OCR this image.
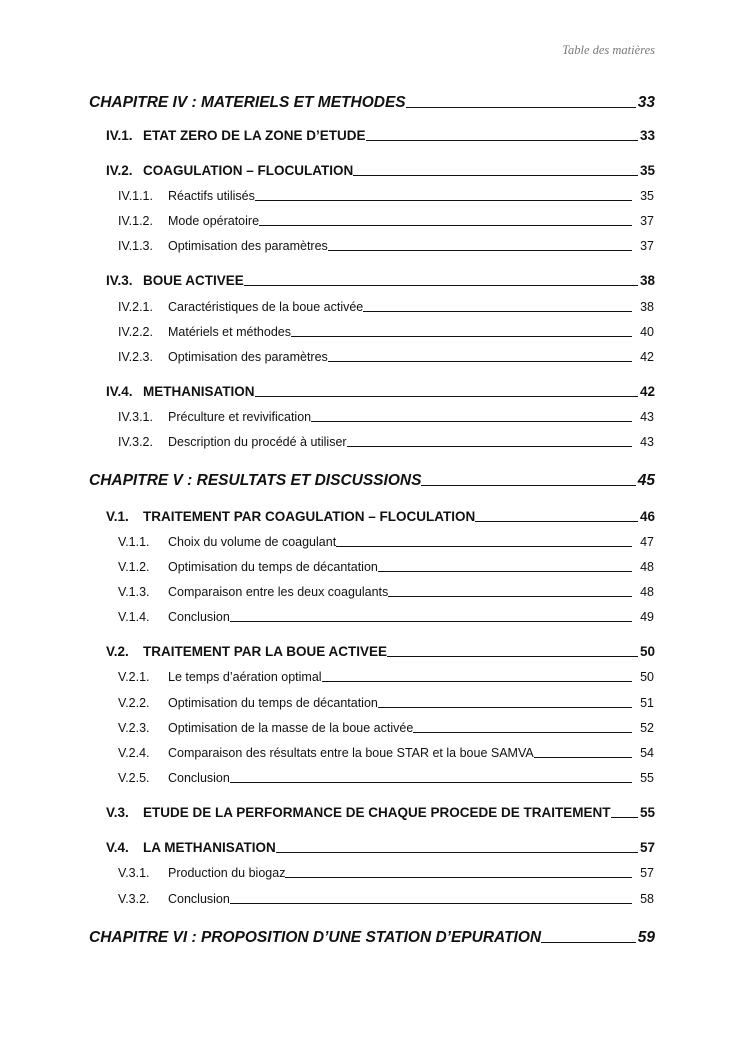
Table des matières
CHAPITRE IV : MATERIELS ET METHODES	33
IV.1. ETAT ZERO DE LA ZONE D’ETUDE	33
IV.2. COAGULATION – FLOCULATION	35
IV.1.1.	Réactifs utilisés	35
IV.1.2.	Mode opératoire	37
IV.1.3.	Optimisation des paramètres	37
IV.3. BOUE ACTIVEE	38
IV.2.1.	Caractéristiques de la boue activée	38
IV.2.2.	Matériels et méthodes	40
IV.2.3.	Optimisation des paramètres	42
IV.4. METHANISATION	42
IV.3.1.	Préculture et revivification	43
IV.3.2.	Description du procédé à utiliser	43
CHAPITRE V : RESULTATS ET DISCUSSIONS	45
V.1.	TRAITEMENT PAR COAGULATION – FLOCULATION	46
V.1.1.	Choix du volume de coagulant	47
V.1.2.	Optimisation du temps de décantation	48
V.1.3.	Comparaison entre les deux coagulants	48
V.1.4.	Conclusion	49
V.2.	TRAITEMENT PAR LA BOUE ACTIVEE	50
V.2.1.	Le temps d’aération optimal	50
V.2.2.	Optimisation du temps de décantation	51
V.2.3.	Optimisation de la masse de la boue activée	52
V.2.4.	Comparaison des résultats entre la boue STAR et la boue SAMVA	54
V.2.5.	Conclusion	55
V.3.	ETUDE DE LA PERFORMANCE DE CHAQUE PROCEDE DE TRAITEMENT 55
V.4.	LA METHANISATION	57
V.3.1.	Production du biogaz	57
V.3.2.	Conclusion	58
CHAPITRE VI : PROPOSITION D’UNE STATION D’EPURATION	59
